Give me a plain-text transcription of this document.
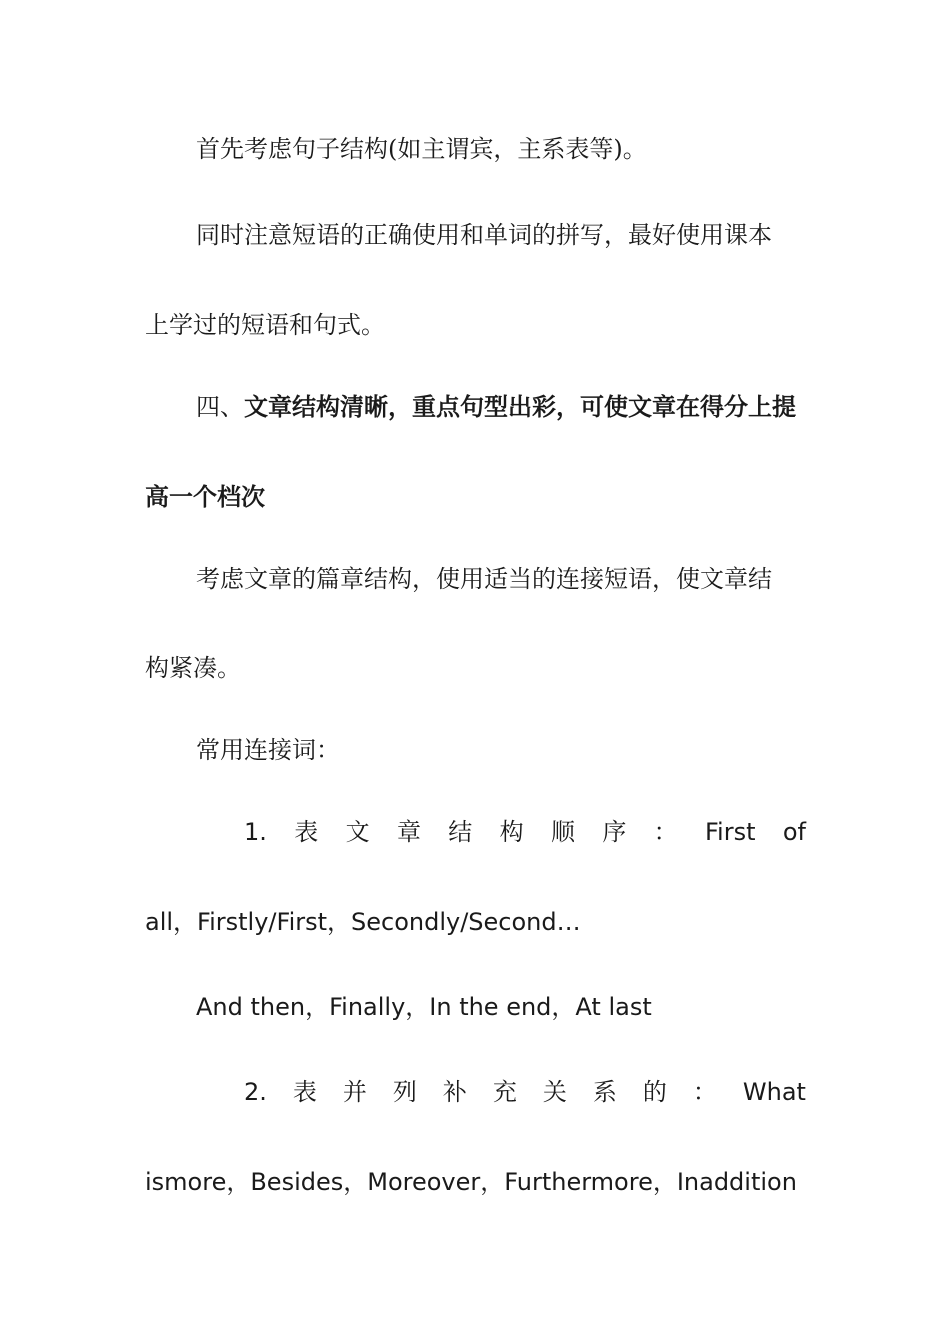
首先考虑句子结构(如主谓宾，主系表等)。
同时注意短语的正确使用和单词的拼写，最好使用课本
上学过的短语和句式。
四、文章结构清晰，重点句型出彩，可使文章在得分上提
高一个档次
考虑文章的篇章结构，使用适当的连接短语，使文章结
构紧凑。
常用连接词：
1. 表 文 章 结 构 顺 序 ： First of
all，Firstly/First，Secondly/Second…
And then，Finally，In the end，At last
2. 表 并 列 补 充 关 系 的 ： What
ismore，Besides，Moreover，Furthermore，Inaddition
